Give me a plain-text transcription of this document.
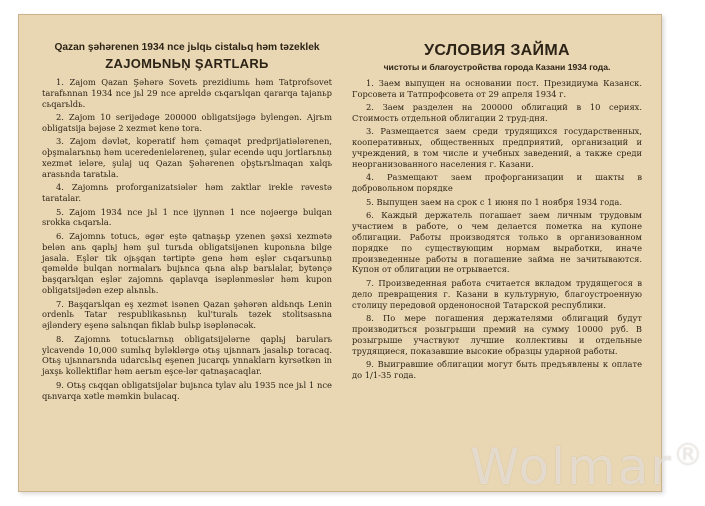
Qazan şəhərenen 1934 nce jьlqь cistalьq həm təzeklek

ZAJOMЬNЬŅ ŞARTLARЬ

1. Zajom Qazan Şəhərə Sovetь prezidiumь həm Tatprofsovet tarafьnnan 1934 nce jьl 29 nce apreldə cьqarьlqan qararqa tajanьp cьqarьldь.

2. Zajom 10 serijədəge 200000 obligatsijəgə bylengən. Ajrьm obligatsija bəjəse 2 xezmət kenə tora.

3. Zajom dəvlət, koperatif həm çəmaqət predprijatiələrenen, oþşmalarьnьņ həm uceredenieləreneņ, şular ecendə uqu jortlarьnьņ xezmət ieləre, şulaj uq Qazan Şəhərenen oþştьrьlmaqan xalqь arasьnda taratьla.

4. Zajomnь proforganizatsiələr həm zaktlar irekle rəvestə taratalar.

5. Zajom 1934 nce jьl 1 nce ijynnən 1 nce nojəergə bulqan srokka cьqarьla.

6. Zajomnь totucь, əgər eştə qatnaşьp yzenen şəxsi xezmətə belən anь qaplьj həm şul turьda obligatsijənen kuponьna bilge jasala. Eşlər tik ojьşqan tərtiptə genə həm eşlər cьqarьunьņ qəməldə bulqan normalarь bujьnca qьna alьp barьlalar, bytənçə başqarьlqan eşlər zajomnь qaplavqa isəplənməslər həm kupon obligatsijədən ezep alьnьlь.

7. Başqarьlqan eş xezmət isənen Qazan şəhərən aldьnqь Lenin ordenlь Tatar respublikasьnьņ kul'turalь təzek stolitsasьna əjləndery eşenə salьnqan fiklab bulьp isəplənəcək.

8. Zajomnь totucьlarnьņ obligatsijələrne qaplьj barularь ylcavendə 10,000 sumlьq byləklərgə otьş ujьnnarь jasalьp toracaq. Otьş ujьnnarьnda udarcьlьq eşenen jucarqь ynnaklarn kyrsətkən in jaxşь kollektiflar həm aerьm eşce-lər qatnaşacaqlar.

9. Otьş cьqqan obligatsijəlar bujьnca tylav alu 1935 nce jьl 1 nce qьnvarqa xətle məmkin bulacaq.

УСЛОВИЯ ЗАЙМА

чистоты и благоустройства города Казани 1934 года.

1. Заем выпущен на основании пост. Президиума Казанск. Горсовета и Татпрофсовета от 29 апреля 1934 г.

2. Заем разделен на 200000 облигаций в 10 сериях. Стоимость отдельной облигации 2 труд-дня.

3. Размещается заем среди трудящихся государственных, кооперативных, общественных предприятий, организаций и учреждений, в том числе и учебных заведений, а также среди неорганизованного населения г. Казани.

4. Размещают заем профорганизации и шакты в добровольном порядке

5. Выпущен заем на срок с 1 июня по 1 ноября 1934 года.

6. Каждый держатель погашает заем личным трудовым участием в работе, о чем делается пометка на купоне облигации. Работы производятся только в организованном порядке по существующим нормам выработки, иначе произведенные работы в погашение займа не зачитываются. Купон от облигации не отрывается.

7. Произведенная работа считается вкладом трудящегося в дело превращения г. Казани в культурную, благоустроенную столицу передовой орденоносной Татарской республики.

8. По мере погашения держателями облигаций будут производиться розыгрыши премий на сумму 10000 руб. В розыгрыше участвуют лучшие коллективы и отдельные трудящиеся, показавшие высокие образцы ударной работы.

9. Выигравшие облигации могут быть предъявлены к оплате до 1/1-35 года.

Wolmar®
